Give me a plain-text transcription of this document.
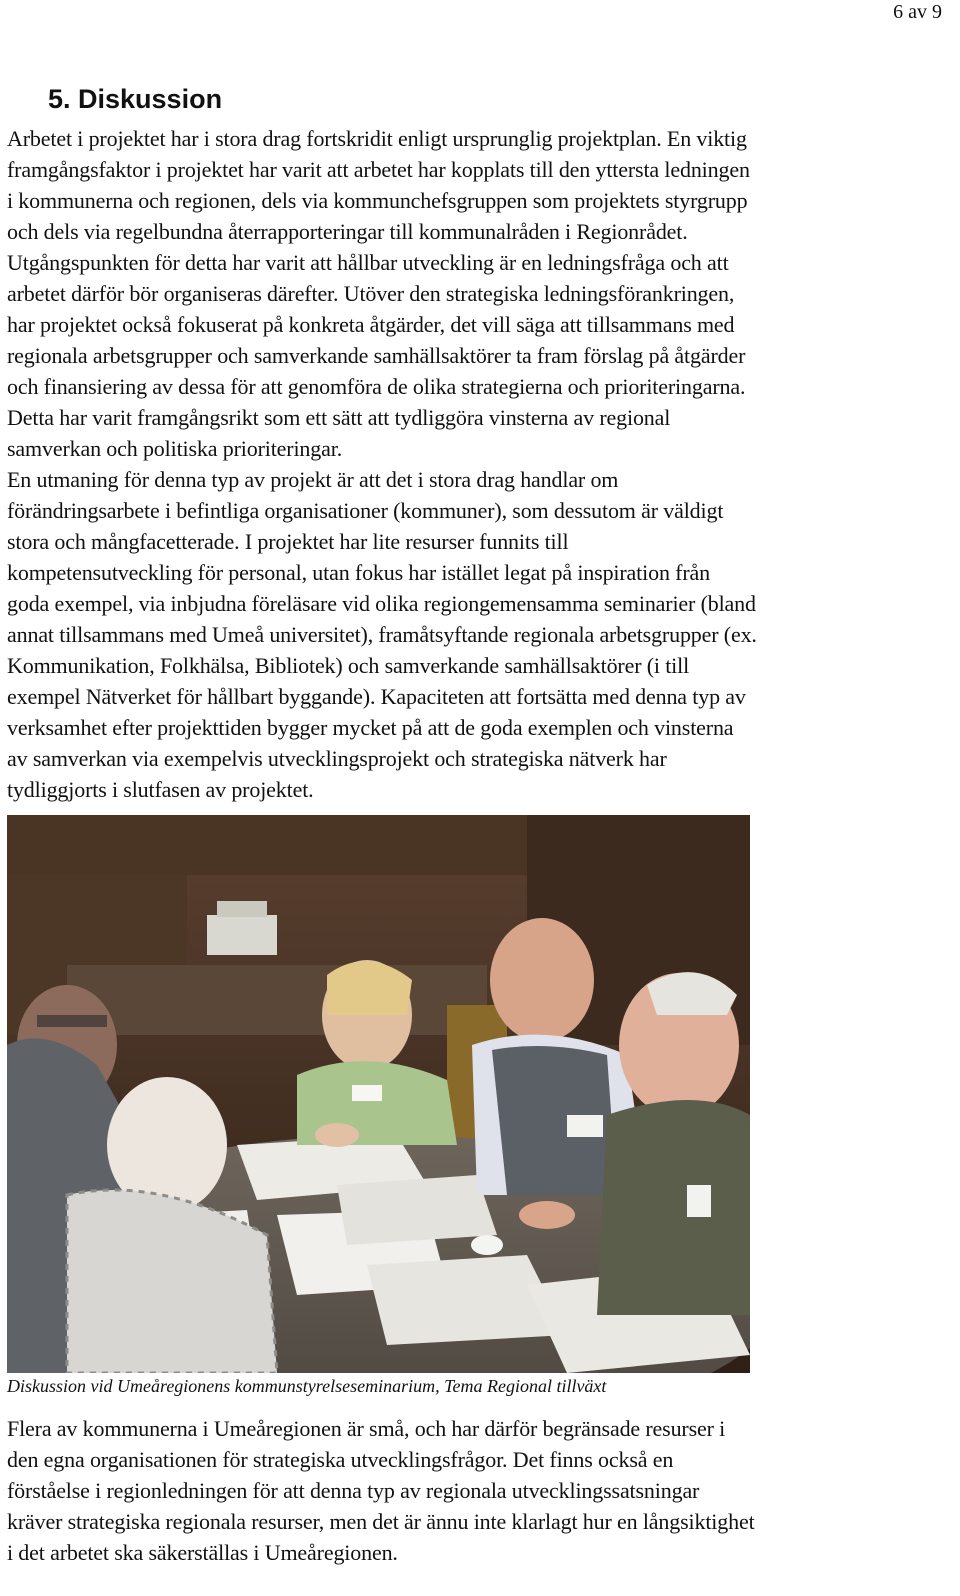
6 av 9
5. Diskussion

Arbetet i projektet har i stora drag fortskridit enligt ursprunglig projektplan. En viktig

framgångsfaktor i projektet har varit att arbetet har kopplats till den yttersta ledningen

i kommunerna och regionen, dels via kommunchefsgruppen som projektets styrgrupp

och dels via regelbundna återrapporteringar till kommunalråden i Regionrådet.

Utgångspunkten för detta har varit att hållbar utveckling är en ledningsfråga och att

arbetet därför bör organiseras därefter. Utöver den strategiska ledningsförankringen,

har projektet också fokuserat på konkreta åtgärder, det vill säga att tillsammans med

regionala arbetsgrupper och samverkande samhällsaktörer ta fram förslag på åtgärder

och finansiering av dessa för att genomföra de olika strategierna och prioriteringarna.

Detta har varit framgångsrikt som ett sätt att tydliggöra vinsterna av regional

samverkan och politiska prioriteringar.

En utmaning för denna typ av projekt är att det i stora drag handlar om

förändringsarbete i befintliga organisationer (kommuner), som dessutom är väldigt

stora och mångfacetterade. I projektet har lite resurser funnits till

kompetensutveckling för personal, utan fokus har istället legat på inspiration från

goda exempel, via inbjudna föreläsare vid olika regiongemensamma seminarier (bland

annat tillsammans med Umeå universitet), framåtsyftande regionala arbetsgrupper (ex.

Kommunikation, Folkhälsa, Bibliotek) och samverkande samhällsaktörer (i till

exempel Nätverket för hållbart byggande). Kapaciteten att fortsätta med denna typ av

verksamhet efter projekttiden bygger mycket på att de goda exemplen och vinsterna

av samverkan via exempelvis utvecklingsprojekt och strategiska nätverk har

tydliggjorts i slutfasen av projektet.

Diskussion vid Umeåregionens kommunstyrelseseminarium, Tema Regional tillväxt

Flera av kommunerna i Umeåregionen är små, och har därför begränsade resurser i

den egna organisationen för strategiska utvecklingsfrågor. Det finns också en

förståelse i regionledningen för att denna typ av regionala utvecklingssatsningar

kräver strategiska regionala resurser, men det är ännu inte klarlagt hur en långsiktighet

i det arbetet ska säkerställas i Umeåregionen.
